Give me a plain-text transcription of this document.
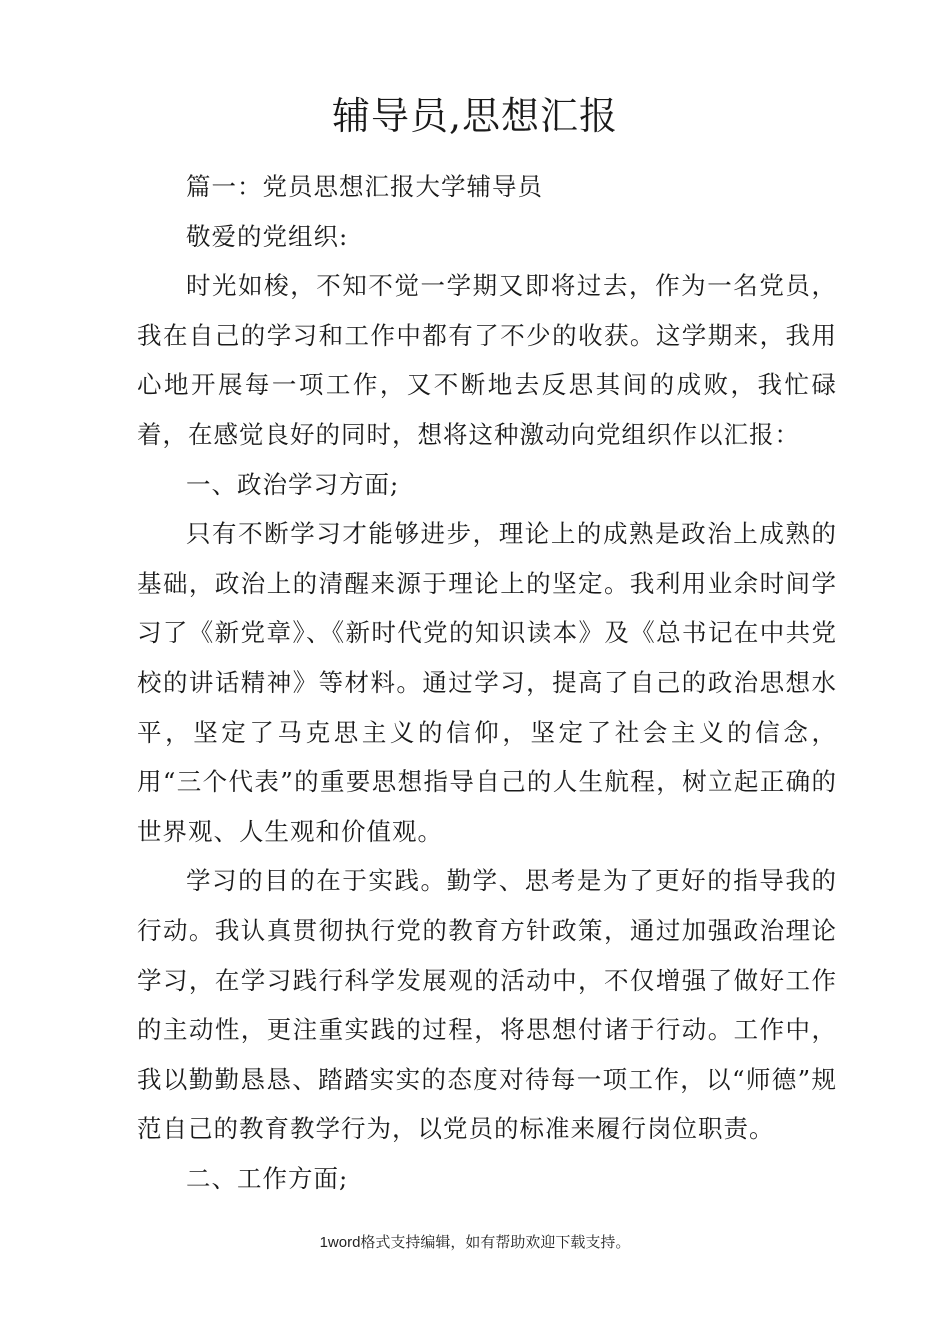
辅导员,思想汇报

篇一：党员思想汇报大学辅导员

敬爱的党组织:

时光如梭，不知不觉一学期又即将过去，作为一名党员，我在自己的学习和工作中都有了不少的收获。这学期来，我用心地开展每一项工作，又不断地去反思其间的成败，我忙碌着，在感觉良好的同时，想将这种激动向党组织作以汇报：

一、政治学习方面;

只有不断学习才能够进步，理论上的成熟是政治上成熟的基础，政治上的清醒来源于理论上的坚定。我利用业余时间学习了《新党章》、《新时代党的知识读本》及《总书记在中共党校的讲话精神》等材料。通过学习，提高了自己的政治思想水平，坚定了马克思主义的信仰，坚定了社会主义的信念，用“三个代表”的重要思想指导自己的人生航程，树立起正确的世界观、人生观和价值观。

学习的目的在于实践。勤学、思考是为了更好的指导我的行动。我认真贯彻执行党的教育方针政策，通过加强政治理论学习，在学习践行科学发展观的活动中，不仅增强了做好工作的主动性，更注重实践的过程，将思想付诸于行动。工作中，我以勤勤恳恳、踏踏实实的态度对待每一项工作，以“师德”规范自己的教育教学行为，以党员的标准来履行岗位职责。

二、工作方面;

1word格式支持编辑，如有帮助欢迎下载支持。
